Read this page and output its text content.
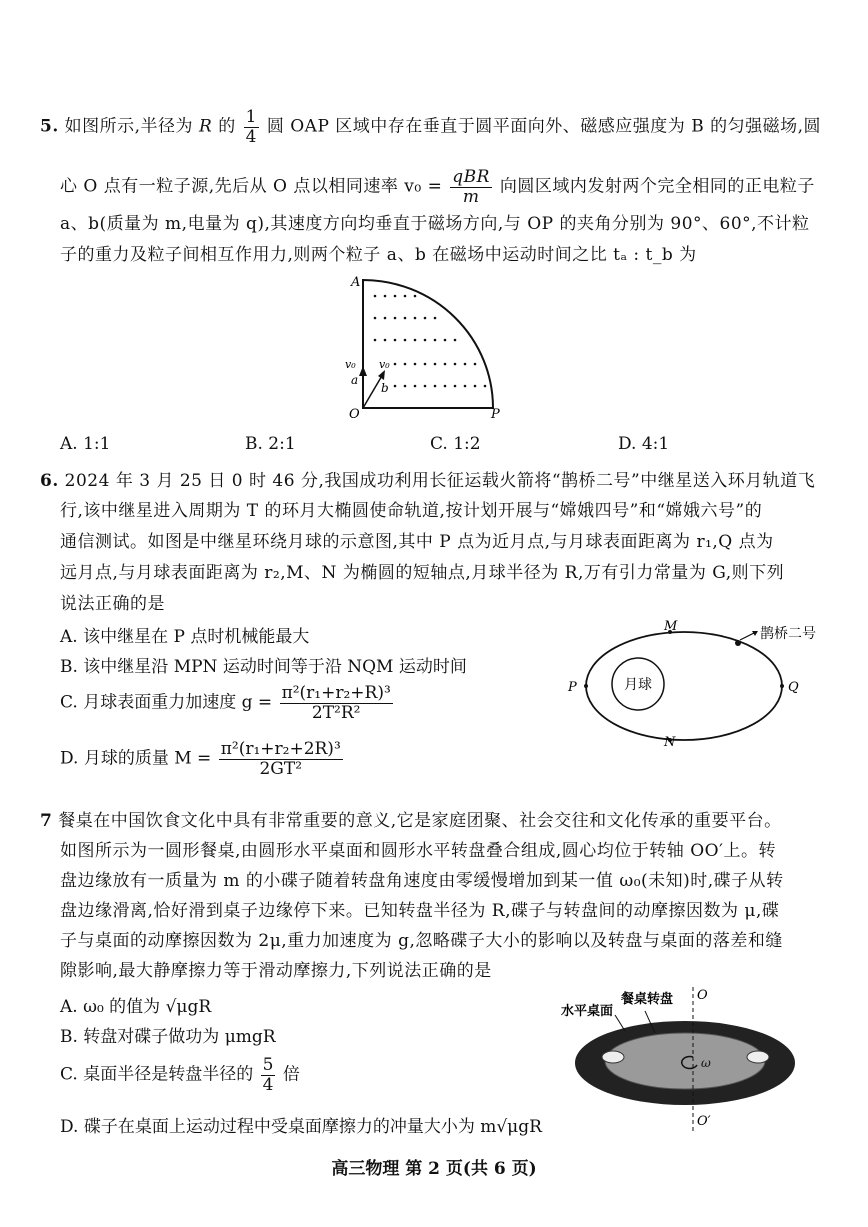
5. 如图所示,半径为 R 的 $\frac{1}{4}$ 圆 OAP 区域中存在垂直于圆平面向外、磁感应强度为 B 的匀强磁场,圆
心 O 点有一粒子源,先后从 O 点以相同速率 $v_0 = \frac{\text{qBR}}{m}$ 向圆区域内发射两个完全相同的正电粒子
a、b(质量为 m,电量为 q),其速度方向均垂直于磁场方向,与 OP 的夹角分别为 90°、60°,不计粒
子的重力及粒子间相互作用力,则两个粒子 a、b 在磁场中运动时间之比 tₐ : t_b 为
A
O	P
v₀ v₀
a
b
A. 1:1	B. 2:1	C. 1:2	D. 4:1
6. 2024 年 3 月 25 日 0 时 46 分,我国成功利用长征运载火箭将“鹊桥二号”中继星送入环月轨道飞
行,该中继星进入周期为 T 的环月大椭圆使命轨道,按计划开展与“嫦娥四号”和“嫦娥六号”的
通信测试。如图是中继星环绕月球的示意图,其中 P 点为近月点,与月球表面距离为 r₁,Q 点为
远月点,与月球表面距离为 r₂,M、N 为椭圆的短轴点,月球半径为 R,万有引力常量为 G,则下列
说法正确的是
A. 该中继星在 P 点时机械能最大
B. 该中继星沿 MPN 运动时间等于沿 NQM 运动时间
C. 月球表面重力加速度 $g = \frac{\text{π²(r₁+r₂+R)³}}{\text{2T²R²}}$
D. 月球的质量 $M = \frac{\text{π²(r₁+r₂+2R)³}}{\text{2GT²}}$
月球
M
N
P	Q
鹊桥二号
7 餐桌在中国饮食文化中具有非常重要的意义,它是家庭团聚、社会交往和文化传承的重要平台。
如图所示为一圆形餐桌,由圆形水平桌面和圆形水平转盘叠合组成,圆心均位于转轴 OO′上。转
盘边缘放有一质量为 m 的小碟子随着转盘角速度由零缓慢增加到某一值 ω₀(未知)时,碟子从转
盘边缘滑离,恰好滑到桌子边缘停下来。已知转盘半径为 R,碟子与转盘间的动摩擦因数为 μ,碟
子与桌面的动摩擦因数为 2μ,重力加速度为 g,忽略碟子大小的影响以及转盘与桌面的落差和缝
隙影响,最大静摩擦力等于滑动摩擦力,下列说法正确的是
A. ω₀ 的值为 √μgR
B. 转盘对碟子做功为 μmgR
C. 桌面半径是转盘半径的 $\frac{5}{4}$ 倍
D. 碟子在桌面上运动过程中受桌面摩擦力的冲量大小为 m√μgR
O
O′
ω
水平桌面
餐桌转盘
高三物理 第 2 页(共 6 页)
